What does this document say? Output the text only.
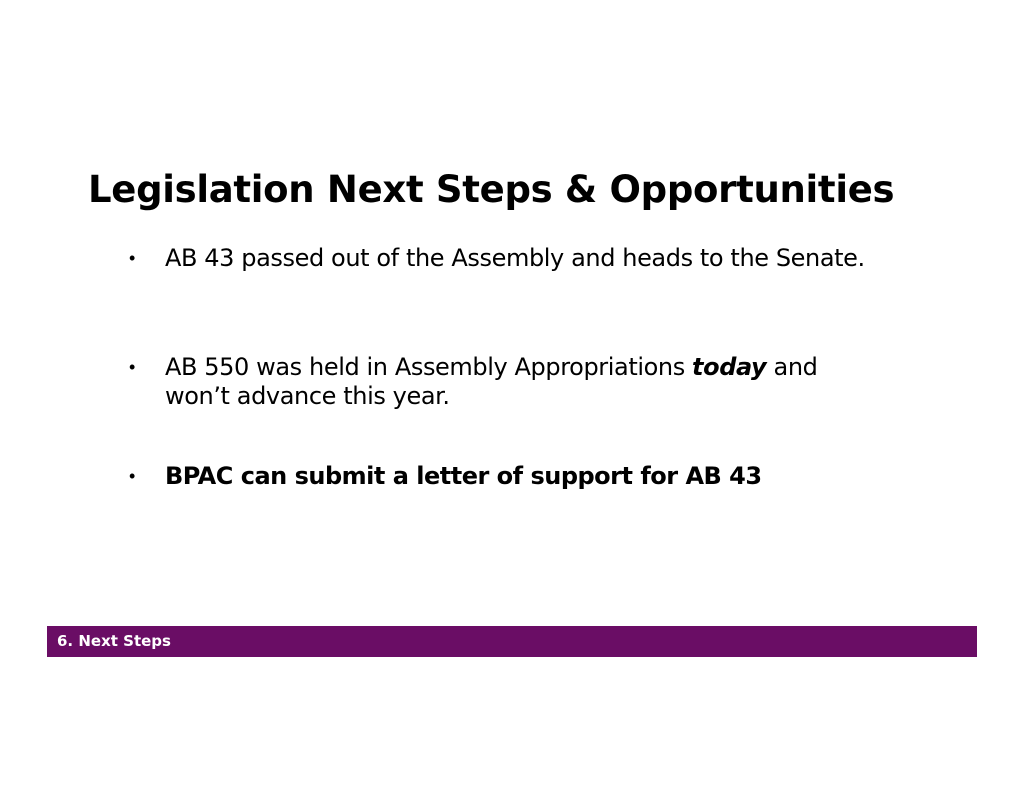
Legislation Next Steps & Opportunities
• AB 43 passed out of the Assembly and heads to the Senate.
• AB 550 was held in Assembly Appropriations today and won’t advance this year.
• BPAC can submit a letter of support for AB 43
6. Next Steps
